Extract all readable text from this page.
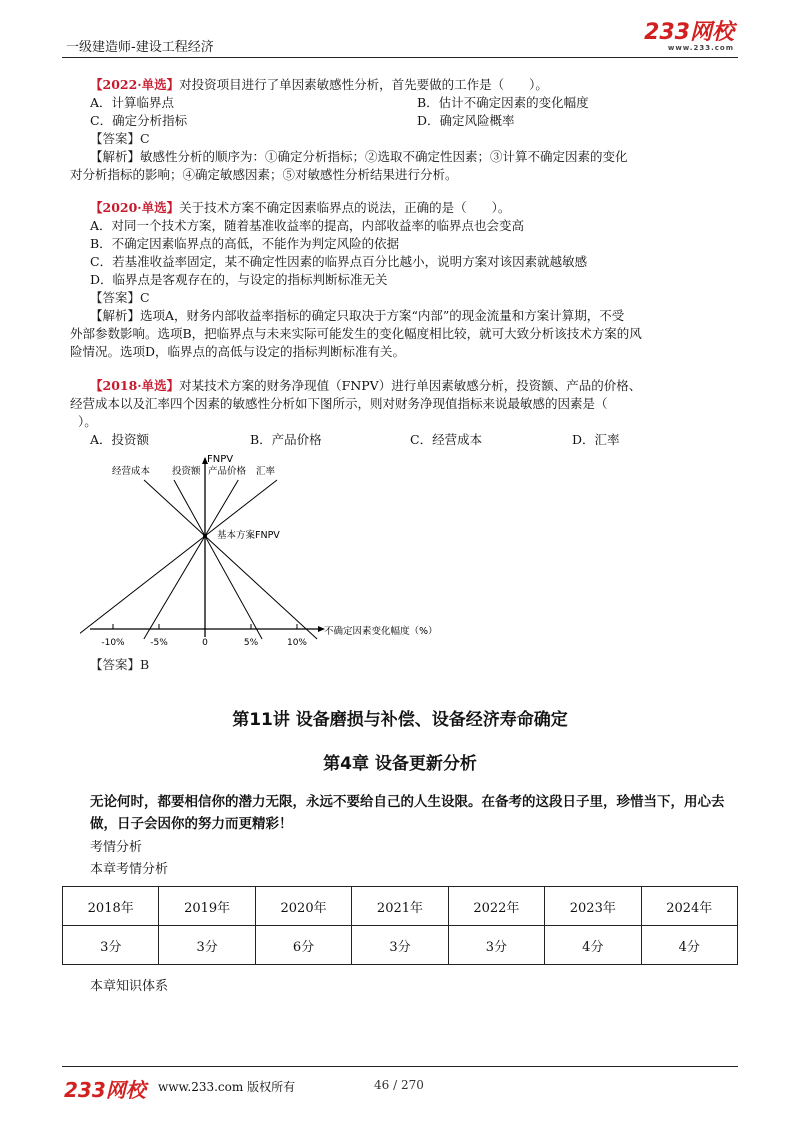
一级建造师-建设工程经济
233网校
www.233.com
【2022·单选】对投资项目进行了单因素敏感性分析，首先要做的工作是（　　）。
A．计算临界点	B．估计不确定因素的变化幅度
C．确定分析指标	D．确定风险概率
【答案】C
【解析】敏感性分析的顺序为：①确定分析指标；②选取不确定性因素；③计算不确定因素的变化
对分析指标的影响；④确定敏感因素；⑤对敏感性分析结果进行分析。
【2020·单选】关于技术方案不确定因素临界点的说法，正确的是（　　）。
A．对同一个技术方案，随着基准收益率的提高，内部收益率的临界点也会变高
B．不确定因素临界点的高低，不能作为判定风险的依据
C．若基准收益率固定，某不确定性因素的临界点百分比越小，说明方案对该因素就越敏感
D．临界点是客观存在的，与设定的指标判断标准无关
【答案】C
【解析】选项A，财务内部收益率指标的确定只取决于方案“内部”的现金流量和方案计算期，不受
外部参数影响。选项B，把临界点与未来实际可能发生的变化幅度相比较，就可大致分析该技术方案的风
险情况。选项D，临界点的高低与设定的指标判断标准有关。
【2018·单选】对某技术方案的财务净现值（FNPV）进行单因素敏感分析，投资额、产品的价格、
经营成本以及汇率四个因素的敏感性分析如下图所示，则对财务净现值指标来说最敏感的因素是（
）。
A．投资额	B．产品价格	C．经营成本	D．汇率
FNPV
不确定因素变化幅度（%）
-10%	-5%	0	5%	10%
经营成本 投资额 产品价格 汇率
基本方案FNPV
【答案】B
第11讲 设备磨损与补偿、设备经济寿命确定
第4章 设备更新分析
无论何时，都要相信你的潜力无限，永远不要给自己的人生设限。在备考的这段日子里，珍惜当下，用心去做，日子会因你的努力而更精彩！
考情分析
本章考情分析
2018年	2019年	2020年	2021年	2022年	2023年	2024年
3分	3分	6分	3分	3分	4分	4分
本章知识体系
233网校 www.233.com 版权所有	46 / 270
